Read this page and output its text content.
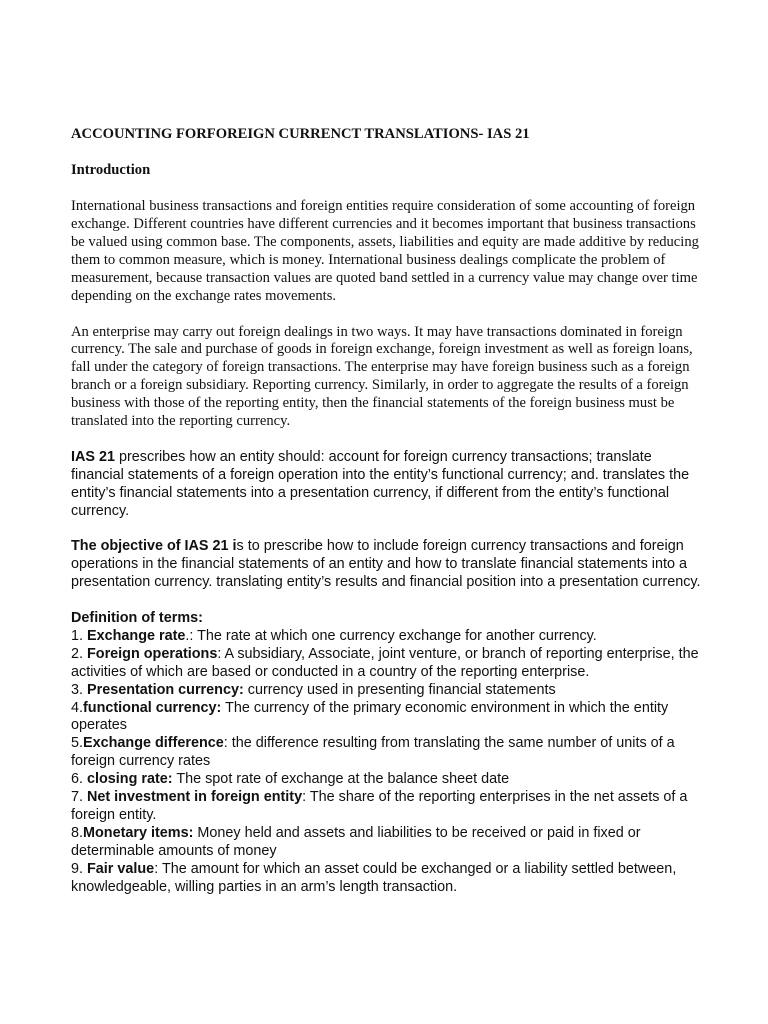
ACCOUNTING FORFOREIGN CURRENCT TRANSLATIONS- IAS 21

Introduction

International business transactions and foreign entities require consideration of some accounting of foreign exchange. Different countries have different currencies and it becomes important that business transactions be valued using common base. The components, assets, liabilities and equity are made additive by reducing them to common measure, which is money. International business dealings complicate the problem of measurement, because transaction values are quoted band settled in a currency value may change over time depending on the exchange rates movements.

An enterprise may carry out foreign dealings in two ways. It may have transactions dominated in foreign currency. The sale and purchase of goods in foreign exchange, foreign investment as well as foreign loans, fall under the category of foreign transactions. The enterprise may have foreign business such as a foreign branch or a foreign subsidiary. Reporting currency. Similarly, in order to aggregate the results of a foreign business with those of the reporting entity, then the financial statements of the foreign business must be translated into the reporting currency.

IAS 21 prescribes how an entity should: account for foreign currency transactions; translate financial statements of a foreign operation into the entity’s functional currency; and. translates the entity’s financial statements into a presentation currency, if different from the entity’s functional currency.

The objective of IAS 21 is to prescribe how to include foreign currency transactions and foreign operations in the financial statements of an entity and how to translate financial statements into a presentation currency. translating entity’s results and financial position into a presentation currency.

Definition of terms:

1. Exchange rate.: The rate at which one currency exchange for another currency.
2. Foreign operations: A subsidiary, Associate, joint venture, or branch of reporting enterprise, the activities of which are based or conducted in a country of the reporting enterprise.
3. Presentation currency: currency used in presenting financial statements
4.functional currency: The currency of the primary economic environment in which the entity operates
5.Exchange difference: the difference resulting from translating the same number of units of a foreign currency rates
6. closing rate: The spot rate of exchange at the balance sheet date
7. Net investment in foreign entity: The share of the reporting enterprises in the net assets of a foreign entity.
8.Monetary items: Money held and assets and liabilities to be received or paid in fixed or determinable amounts of money
9. Fair value: The amount for which an asset could be exchanged or a liability settled between, knowledgeable, willing parties in an arm’s length transaction.
